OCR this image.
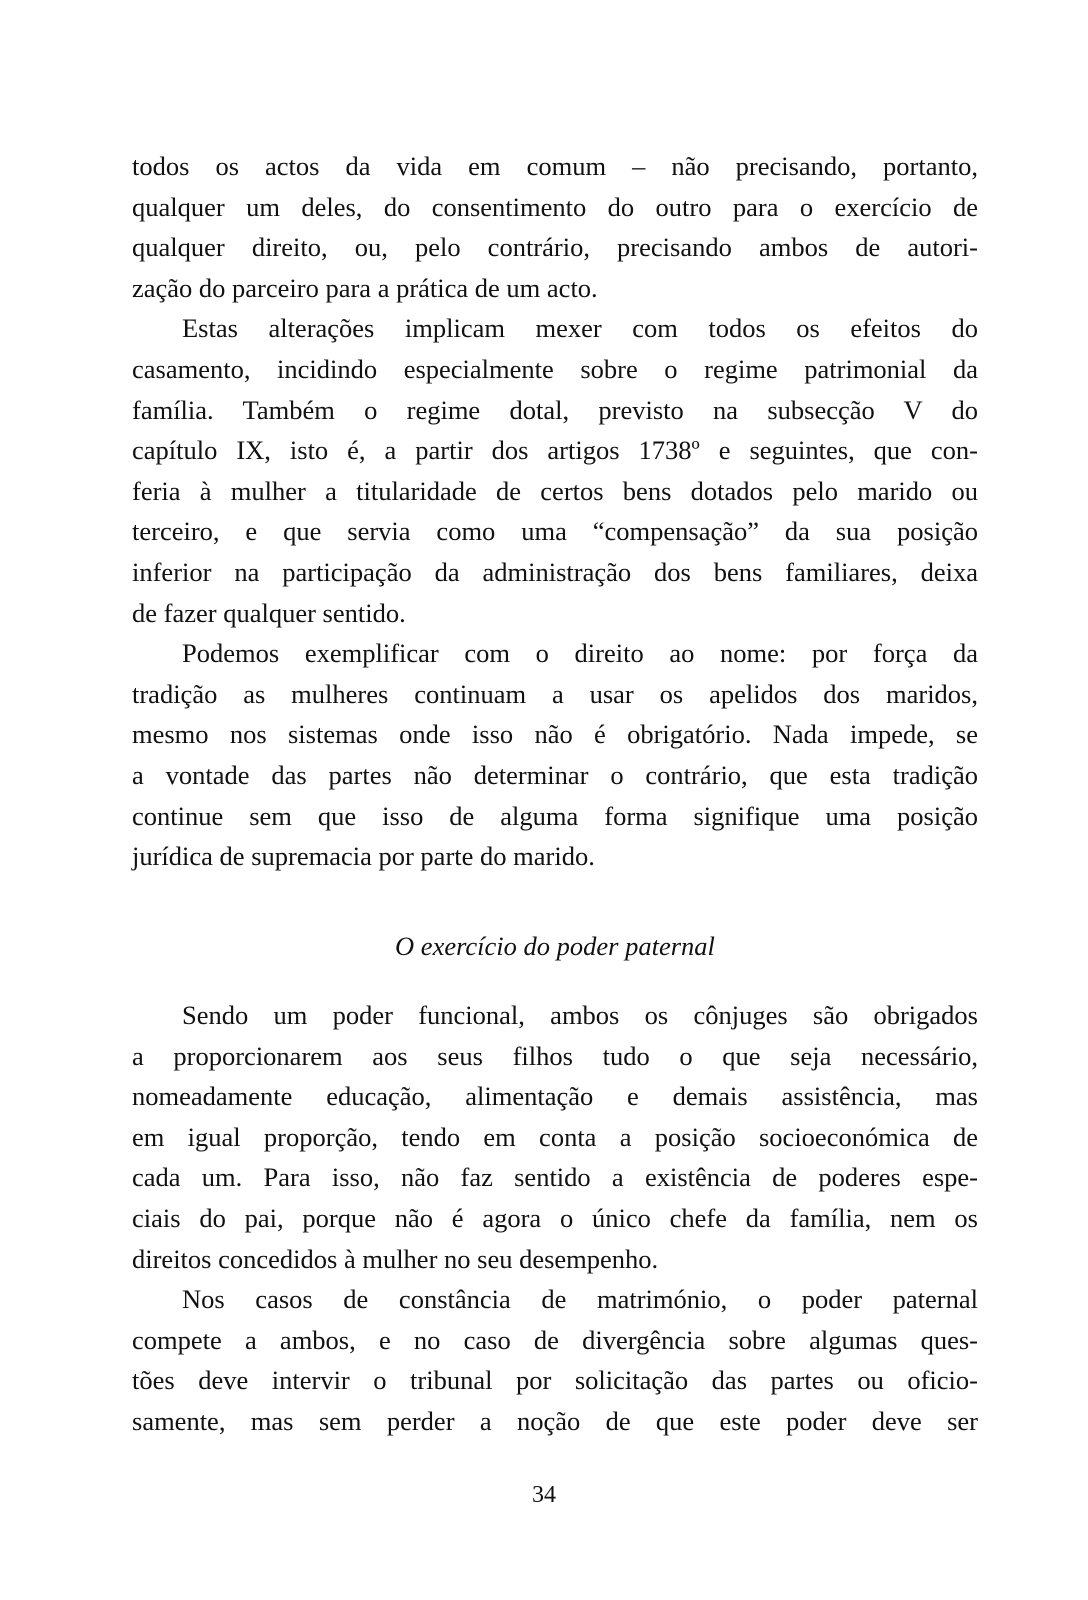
todos os actos da vida em comum – não precisando, portanto,
qualquer um deles, do consentimento do outro para o exercício de
qualquer direito, ou, pelo contrário, precisando ambos de autori-
zação do parceiro para a prática de um acto.
Estas alterações implicam mexer com todos os efeitos do
casamento, incidindo especialmente sobre o regime patrimonial da
família. Também o regime dotal, previsto na subsecção V do
capítulo IX, isto é, a partir dos artigos 1738º e seguintes, que con-
feria à mulher a titularidade de certos bens dotados pelo marido ou
terceiro, e que servia como uma “compensação” da sua posição
inferior na participação da administração dos bens familiares, deixa
de fazer qualquer sentido.
Podemos exemplificar com o direito ao nome: por força da
tradição as mulheres continuam a usar os apelidos dos maridos,
mesmo nos sistemas onde isso não é obrigatório. Nada impede, se
a vontade das partes não determinar o contrário, que esta tradição
continue sem que isso de alguma forma signifique uma posição
jurídica de supremacia por parte do marido.
O exercício do poder paternal
Sendo um poder funcional, ambos os cônjuges são obrigados
a proporcionarem aos seus filhos tudo o que seja necessário,
nomeadamente educação, alimentação e demais assistência, mas
em igual proporção, tendo em conta a posição socioeconómica de
cada um. Para isso, não faz sentido a existência de poderes espe-
ciais do pai, porque não é agora o único chefe da família, nem os
direitos concedidos à mulher no seu desempenho.
Nos casos de constância de matrimónio, o poder paternal
compete a ambos, e no caso de divergência sobre algumas ques-
tões deve intervir o tribunal por solicitação das partes ou oficio-
samente, mas sem perder a noção de que este poder deve ser
34
